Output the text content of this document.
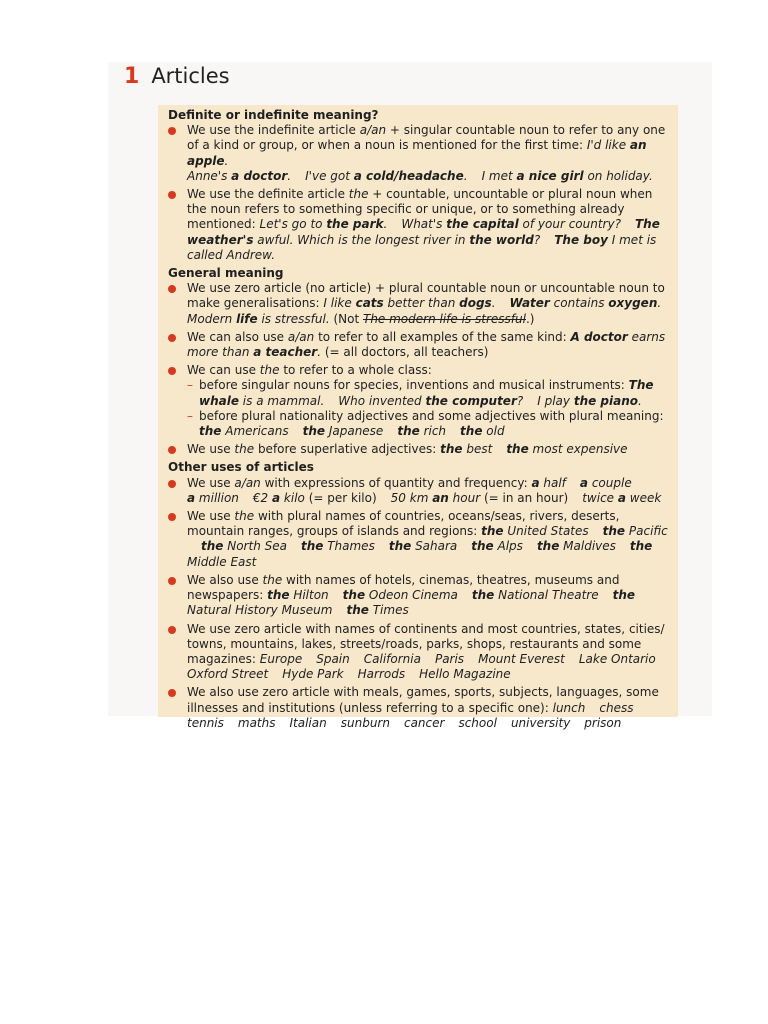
1 Articles

Definite or indefinite meaning?

We use the indefinite article a/an + singular countable noun to refer to any one of a kind or group, or when a noun is mentioned for the first time: I'd like an apple.
Anne's a doctor. I've got a cold/headache. I met a nice girl on holiday.
We use the definite article the + countable, uncountable or plural noun when the noun refers to something specific or unique, or to something already mentioned: Let's go to the park. What's the capital of your country? The weather's awful. Which is the longest river in the world? The boy I met is called Andrew.

General meaning

We use zero article (no article) + plural countable noun or uncountable noun to make generalisations: I like cats better than dogs. Water contains oxygen.
Modern life is stressful. (Not The modern life is stressful.)
We can also use a/an to refer to all examples of the same kind: A doctor earns more than a teacher. (= all doctors, all teachers)
We can use the to refer to a whole class:
– before singular nouns for species, inventions and musical instruments: The whale is a mammal. Who invented the computer? I play the piano.
– before plural nationality adjectives and some adjectives with plural meaning:
the Americans the Japanese the rich the old
We use the before superlative adjectives: the best the most expensive

Other uses of articles

We use a/an with expressions of quantity and frequency: a half a couple
a million €2 a kilo (= per kilo) 50 km an hour (= in an hour) twice a week
We use the with plural names of countries, oceans/seas, rivers, deserts, mountain ranges, groups of islands and regions: the United States the Pacificthe North Sea the Thames the Sahara the Alps the Maldives the Middle East
We also use the with names of hotels, cinemas, theatres, museums and newspapers: the Hilton the Odeon Cinema the National Theatre the Natural History Museum the Times
We use zero article with names of continents and most countries, states, cities/ towns, mountains, lakes, streets/roads, parks, shops, restaurants and some magazines: Europe Spain California Paris Mount Everest Lake OntarioOxford Street Hyde Park Harrods Hello Magazine
We also use zero article with meals, games, sports, subjects, languages, some illnesses and institutions (unless referring to a specific one): lunch chesstennis maths Italian sunburn cancer school university prison
